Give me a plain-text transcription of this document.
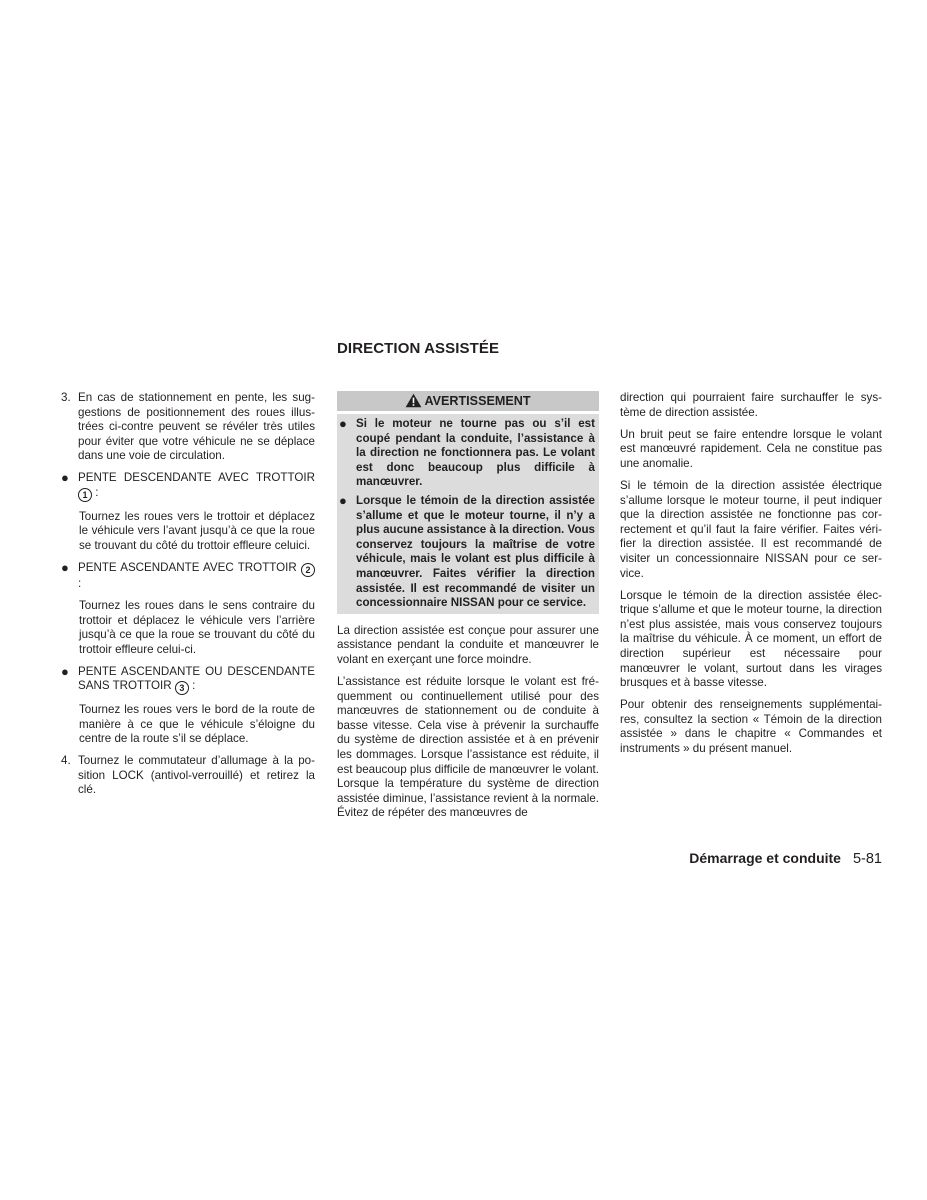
DIRECTION ASSISTÉE
3. En cas de stationnement en pente, les suggestions de positionnement des roues illustrées ci-contre peuvent se révéler très utiles pour éviter que votre véhicule ne se déplace dans une voie de circulation.
● PENTE DESCENDANTE AVEC TROTTOIR 1 :

Tournez les roues vers le trottoir et déplacez le véhicule vers l’avant jusqu’à ce que la roue se trouvant du côté du trottoir effleure celuici.

● PENTE ASCENDANTE AVEC TROTTOIR 2 :

Tournez les roues dans le sens contraire du trottoir et déplacez le véhicule vers l’arrière jusqu’à ce que la roue se trouvant du côté du trottoir effleure celui-ci.

● PENTE ASCENDANTE OU DESCENDANTE SANS TROTTOIR 3 :

Tournez les roues vers le bord de la route de manière à ce que le véhicule s’éloigne du centre de la route s’il se déplace.

4. Tournez le commutateur d’allumage à la position LOCK (antivol-verrouillé) et retirez la clé.
AVERTISSEMENT
● Si le moteur ne tourne pas ou s’il est coupé pendant la conduite, l’assistance à la direction ne fonctionnera pas. Le volant est donc beaucoup plus difficile à manœuvrer.
● Lorsque le témoin de la direction assistée s’allume et que le moteur tourne, il n’y a plus aucune assistance à la direction. Vous conservez toujours la maîtrise de votre véhicule, mais le volant est plus difficile à manœuvrer. Faites vérifier la direction assistée. Il est recommandé de visiter un concessionnaire NISSAN pour ce service.

La direction assistée est conçue pour assurer une assistance pendant la conduite et manœuvrer le volant en exerçant une force moindre.

L’assistance est réduite lorsque le volant est fréquemment ou continuellement utilisé pour des manœuvres de stationnement ou de conduite à basse vitesse. Cela vise à prévenir la surchauffe du système de direction assistée et à en prévenir les dommages. Lorsque l’assistance est réduite, il est beaucoup plus difficile de manœuvrer le volant. Lorsque la température du système de direction assistée diminue, l’assistance revient à la normale. Évitez de répéter des manœuvres de

direction qui pourraient faire surchauffer le système de direction assistée.

Un bruit peut se faire entendre lorsque le volant est manœuvré rapidement. Cela ne constitue pas une anomalie.

Si le témoin de la direction assistée électrique s’allume lorsque le moteur tourne, il peut indiquer que la direction assistée ne fonctionne pas correctement et qu’il faut la faire vérifier. Faites vérifier la direction assistée. Il est recommandé de visiter un concessionnaire NISSAN pour ce service.

Lorsque le témoin de la direction assistée électrique s’allume et que le moteur tourne, la direction n’est plus assistée, mais vous conservez toujours la maîtrise du véhicule. À ce moment, un effort de direction supérieur est nécessaire pour manœuvrer le volant, surtout dans les virages brusques et à basse vitesse.

Pour obtenir des renseignements supplémentaires, consultez la section « Témoin de la direction assistée » dans le chapitre « Commandes et instruments » du présent manuel.

Démarrage et conduite 5-81
